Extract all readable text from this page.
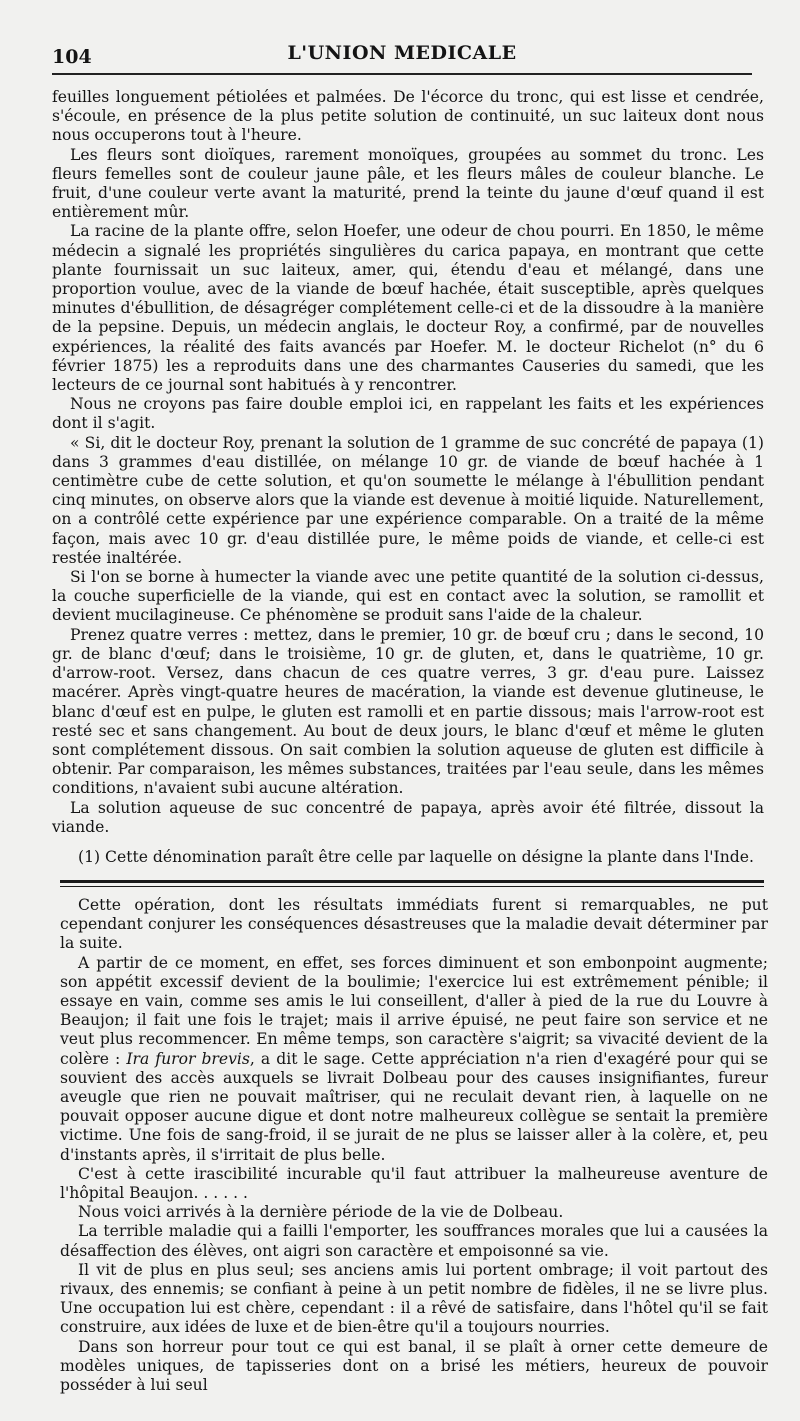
104	L'UNION MEDICALE

feuilles longuement pétiolées et palmées. De l'écorce du tronc, qui est lisse et cendrée, s'écoule, en présence de la plus petite solution de continuité, un suc laiteux dont nous nous occuperons tout à l'heure.

Les fleurs sont dioïques, rarement monoïques, groupées au sommet du tronc. Les fleurs femelles sont de couleur jaune pâle, et les fleurs mâles de couleur blanche. Le fruit, d'une couleur verte avant la maturité, prend la teinte du jaune d'œuf quand il est entièrement mûr.

La racine de la plante offre, selon Hoefer, une odeur de chou pourri. En 1850, le même médecin a signalé les propriétés singulières du carica papaya, en montrant que cette plante fournissait un suc laiteux, amer, qui, étendu d'eau et mélangé, dans une proportion voulue, avec de la viande de bœuf hachée, était susceptible, après quelques minutes d'ébullition, de désagréger complétement celle-ci et de la dissoudre à la manière de la pepsine. Depuis, un médecin anglais, le docteur Roy, a confirmé, par de nouvelles expériences, la réalité des faits avancés par Hoefer. M. le docteur Richelot (n° du 6 février 1875) les a reproduits dans une des charmantes Causeries du samedi, que les lecteurs de ce journal sont habitués à y rencontrer.

Nous ne croyons pas faire double emploi ici, en rappelant les faits et les expériences dont il s'agit.

« Si, dit le docteur Roy, prenant la solution de 1 gramme de suc concrété de papaya (1) dans 3 grammes d'eau distillée, on mélange 10 gr. de viande de bœuf hachée à 1 centimètre cube de cette solution, et qu'on soumette le mélange à l'ébullition pendant cinq minutes, on observe alors que la viande est devenue à moitié liquide. Naturellement, on a contrôlé cette expérience par une expérience comparable. On a traité de la même façon, mais avec 10 gr. d'eau distillée pure, le même poids de viande, et celle-ci est restée inaltérée.

Si l'on se borne à humecter la viande avec une petite quantité de la solution ci-dessus, la couche superficielle de la viande, qui est en contact avec la solution, se ramollit et devient mucilagineuse. Ce phénomène se produit sans l'aide de la chaleur.

Prenez quatre verres : mettez, dans le premier, 10 gr. de bœuf cru ; dans le second, 10 gr. de blanc d'œuf; dans le troisième, 10 gr. de gluten, et, dans le quatrième, 10 gr. d'arrow-root. Versez, dans chacun de ces quatre verres, 3 gr. d'eau pure. Laissez macérer. Après vingt-quatre heures de macération, la viande est devenue glutineuse, le blanc d'œuf est en pulpe, le gluten est ramolli et en partie dissous; mais l'arrow-root est resté sec et sans changement. Au bout de deux jours, le blanc d'œuf et même le gluten sont complétement dissous. On sait combien la solution aqueuse de gluten est difficile à obtenir. Par comparaison, les mêmes substances, traitées par l'eau seule, dans les mêmes conditions, n'avaient subi aucune altération.

La solution aqueuse de suc concentré de papaya, après avoir été filtrée, dissout la viande.

(1) Cette dénomination paraît être celle par laquelle on désigne la plante dans l'Inde.

Cette opération, dont les résultats immédiats furent si remarquables, ne put cependant conjurer les conséquences désastreuses que la maladie devait déterminer par la suite.

A partir de ce moment, en effet, ses forces diminuent et son embonpoint augmente; son appétit excessif devient de la boulimie; l'exercice lui est extrêmement pénible; il essaye en vain, comme ses amis le lui conseillent, d'aller à pied de la rue du Louvre à Beaujon; il fait une fois le trajet; mais il arrive épuisé, ne peut faire son service et ne veut plus recommencer. En même temps, son caractère s'aigrit; sa vivacité devient de la colère : Ira furor brevis, a dit le sage. Cette appréciation n'a rien d'exagéré pour qui se souvient des accès auxquels se livrait Dolbeau pour des causes insignifiantes, fureur aveugle que rien ne pouvait maîtriser, qui ne reculait devant rien, à laquelle on ne pouvait opposer aucune digue et dont notre malheureux collègue se sentait la première victime. Une fois de sang-froid, il se jurait de ne plus se laisser aller à la colère, et, peu d'instants après, il s'irritait de plus belle.

C'est à cette irascibilité incurable qu'il faut attribuer la malheureuse aventure de l'hôpital Beaujon. . . . . .

Nous voici arrivés à la dernière période de la vie de Dolbeau.

La terrible maladie qui a failli l'emporter, les souffrances morales que lui a causées la désaffection des élèves, ont aigri son caractère et empoisonné sa vie.

Il vit de plus en plus seul; ses anciens amis lui portent ombrage; il voit partout des rivaux, des ennemis; se confiant à peine à un petit nombre de fidèles, il ne se livre plus. Une occupation lui est chère, cependant : il a rêvé de satisfaire, dans l'hôtel qu'il se fait construire, aux idées de luxe et de bien-être qu'il a toujours nourries.

Dans son horreur pour tout ce qui est banal, il se plaît à orner cette demeure de modèles uniques, de tapisseries dont on a brisé les métiers, heureux de pouvoir posséder à lui seul
